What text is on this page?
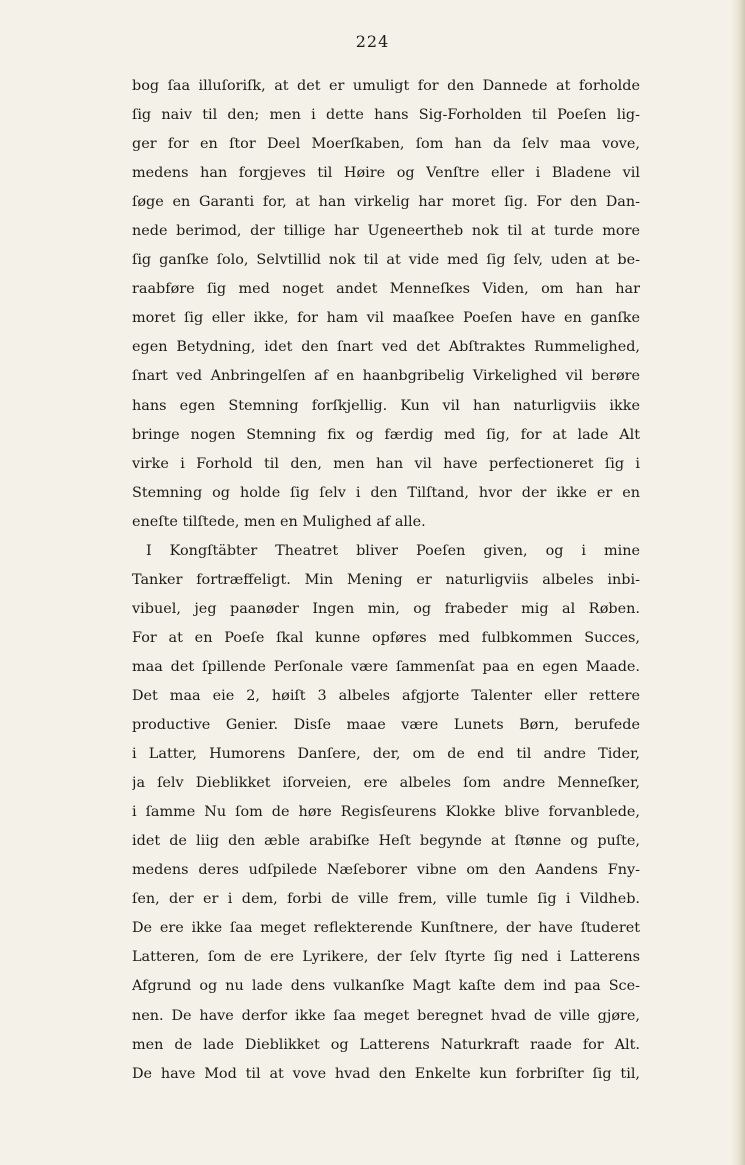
224
bog ſaa illuſoriſk, at det er umuligt for den Dannede at forholde
ſig naiv til den; men i dette hans Sig-Forholden til Poeſen lig-
ger for en ſtor Deel Moerſkaben, ſom han da ſelv maa vove,
medens han forgjeves til Høire og Venſtre eller i Bladene vil
ſøge en Garanti for, at han virkelig har moret ſig. For den Dan-
nede berimod, der tillige har Ugeneertheb nok til at turde more
ſig ganſke ſolo, Selvtillid nok til at vide med ſig ſelv, uden at be-
raabføre ſig med noget andet Menneſkes Viden, om han har
moret ſig eller ikke, for ham vil maaſkee Poeſen have en ganſke
egen Betydning, idet den ſnart ved det Abſtraktes Rummelighed,
ſnart ved Anbringelſen af en haanbgribelig Virkelighed vil berøre
hans egen Stemning forſkjellig. Kun vil han naturligviis ikke
bringe nogen Stemning fix og færdig med ſig, for at lade Alt
virke i Forhold til den, men han vil have perfectioneret ſig i
Stemning og holde ſig ſelv i den Tilſtand, hvor der ikke er en
eneſte tilſtede, men en Mulighed af alle.
I Kongſtäbter Theatret bliver Poeſen given, og i mine
Tanker fortræffeligt. Min Mening er naturligviis albeles inbi-
vibuel, jeg paanøder Ingen min, og frabeder mig al Røben.
For at en Poeſe ſkal kunne opføres med fulbkommen Succes,
maa det ſpillende Perſonale være ſammenſat paa en egen Maade.
Det maa eie 2, høiſt 3 albeles afgjorte Talenter eller rettere
productive Genier. Disſe maae være Lunets Børn, berufede
i Latter, Humorens Danſere, der, om de end til andre Tider,
ja ſelv Dieblikket iſorveien, ere albeles ſom andre Menneſker,
i ſamme Nu ſom de høre Regisſeurens Klokke blive forvanblede,
idet de liig den æble arabiſke Heſt begynde at ſtønne og puſte,
medens deres udſpilede Næſeborer vibne om den Aandens Fny-
ſen, der er i dem, forbi de ville frem, ville tumle ſig i Vildheb.
De ere ikke ſaa meget reflekterende Kunſtnere, der have ſtuderet
Latteren, ſom de ere Lyrikere, der ſelv ſtyrte ſig ned i Latterens
Afgrund og nu lade dens vulkanſke Magt kaſte dem ind paa Sce-
nen. De have derfor ikke ſaa meget beregnet hvad de ville gjøre,
men de lade Dieblikket og Latterens Naturkraft raade for Alt.
De have Mod til at vove hvad den Enkelte kun forbriſter ſig til,
